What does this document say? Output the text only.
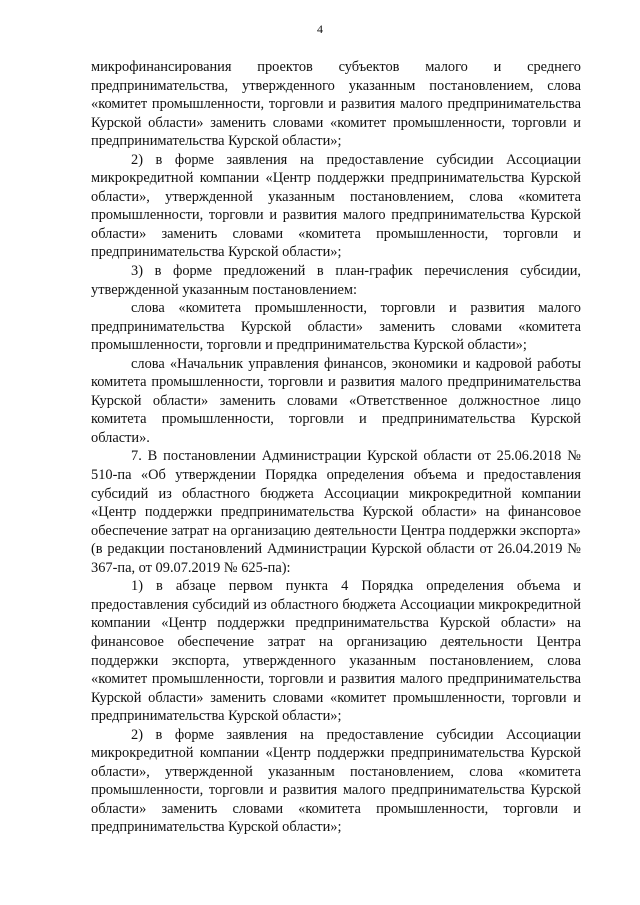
4

микрофинансирования проектов субъектов малого и среднего предпринимательства, утвержденного указанным постановлением, слова «комитет промышленности, торговли и развития малого предпринимательства Курской области» заменить словами «комитет промышленности, торговли и предпринимательства Курской области»;

2) в форме заявления на предоставление субсидии Ассоциации микрокредитной компании «Центр поддержки предпринимательства Курской области», утвержденной указанным постановлением, слова «комитета промышленности, торговли и развития малого предпринимательства Курской области» заменить словами «комитета промышленности, торговли и предпринимательства Курской области»;

3) в форме предложений в план-график перечисления субсидии, утвержденной указанным постановлением:

слова «комитета промышленности, торговли и развития малого предпринимательства Курской области» заменить словами «комитета промышленности, торговли и предпринимательства Курской области»;

слова «Начальник управления финансов, экономики и кадровой работы комитета промышленности, торговли и развития малого предпринимательства Курской области» заменить словами «Ответственное должностное лицо комитета промышленности, торговли и предпринимательства Курской области».

7. В постановлении Администрации Курской области от 25.06.2018 № 510-па «Об утверждении Порядка определения объема и предоставления субсидий из областного бюджета Ассоциации микрокредитной компании «Центр поддержки предпринимательства Курской области» на финансовое обеспечение затрат на организацию деятельности Центра поддержки экспорта» (в редакции постановлений Администрации Курской области от 26.04.2019 № 367-па, от 09.07.2019 № 625-па):

1) в абзаце первом пункта 4 Порядка определения объема и предоставления субсидий из областного бюджета Ассоциации микрокредитной компании «Центр поддержки предпринимательства Курской области» на финансовое обеспечение затрат на организацию деятельности Центра поддержки экспорта, утвержденного указанным постановлением, слова «комитет промышленности, торговли и развития малого предпринимательства Курской области» заменить словами «комитет промышленности, торговли и предпринимательства Курской области»;

2) в форме заявления на предоставление субсидии Ассоциации микрокредитной компании «Центр поддержки предпринимательства Курской области», утвержденной указанным постановлением, слова «комитета промышленности, торговли и развития малого предпринимательства Курской области» заменить словами «комитета промышленности, торговли и предпринимательства Курской области»;
